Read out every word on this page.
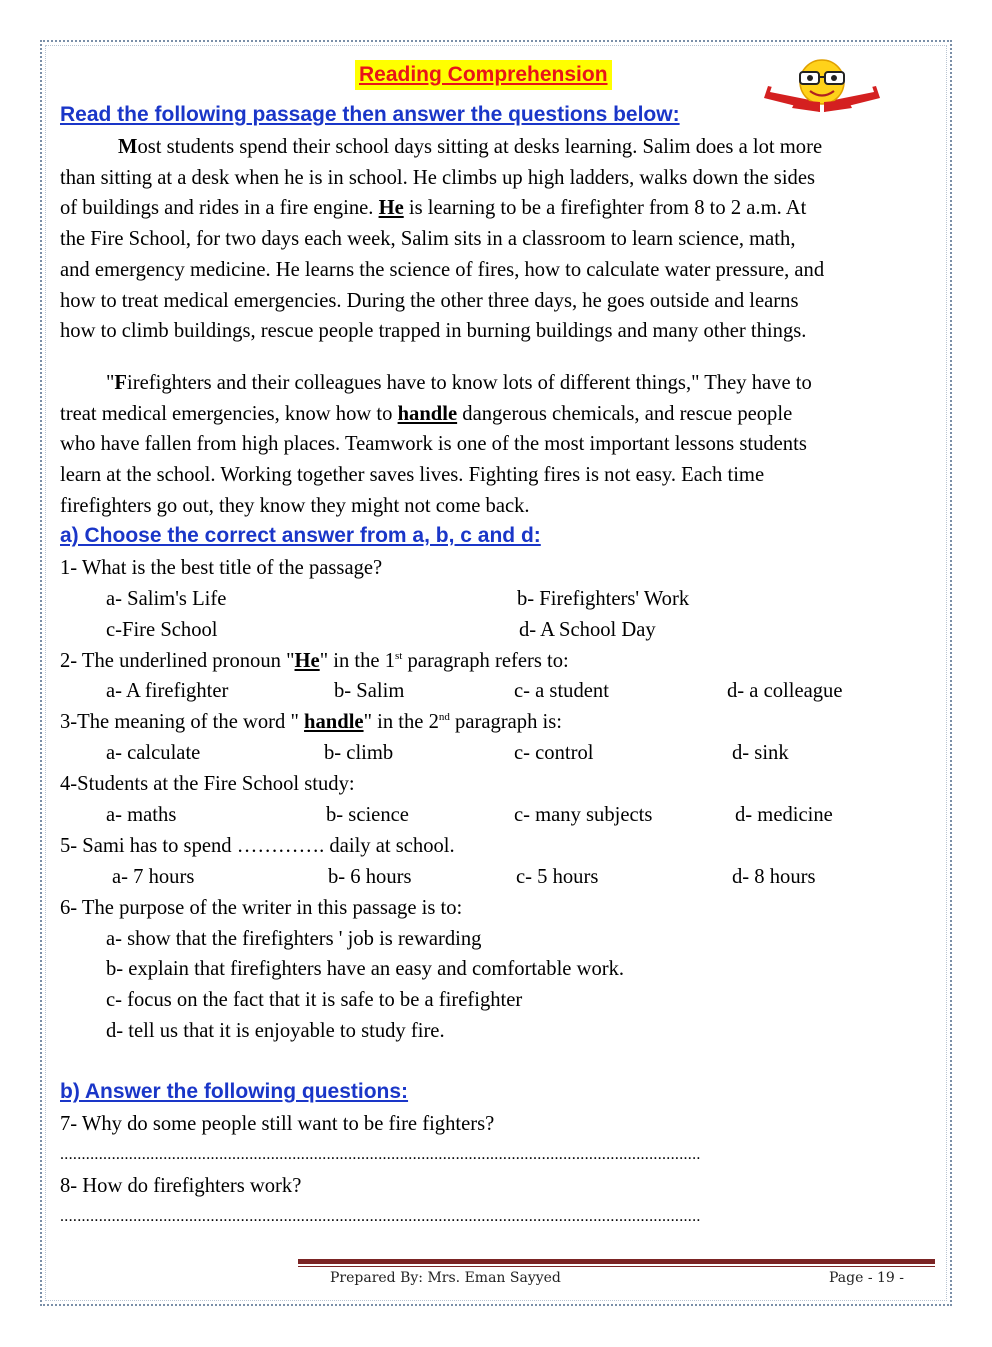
Reading Comprehension
Read the following passage then answer the questions below:
Most students spend their school days sitting at desks learning. Salim does a lot more
than sitting at a desk when he is in school. He climbs up high ladders, walks down the sides
of buildings and rides in a fire engine. He is learning to be a firefighter from 8 to 2 a.m. At
the Fire School, for two days each week, Salim sits in a classroom to learn science, math,
and emergency medicine. He learns the science of fires, how to calculate water pressure, and
how to treat medical emergencies. During the other three days, he goes outside and learns
how to climb buildings, rescue people trapped in burning buildings and many other things.
"Firefighters and their colleagues have to know lots of different things," They have to
treat medical emergencies, know how to handle dangerous chemicals, and rescue people
who have fallen from high places. Teamwork is one of the most important lessons students
learn at the school. Working together saves lives. Fighting fires is not easy. Each time
firefighters go out, they know they might not come back.
a) Choose the correct answer from a, b, c and d:
1- What is the best title of the passage?
a- Salim's Life	b- Firefighters' Work
c-Fire School	d- A School Day
2- The underlined pronoun "He" in the 1st paragraph refers to:
a- A firefighter	b- Salim	c- a student	d- a colleague
3-The meaning of the word " handle" in the 2nd paragraph is:
a- calculate	b- climb	c- control	d- sink
4-Students at the Fire School study:
a- maths	b- science	c- many subjects	d- medicine
5- Sami has to spend …………. daily at school.
a- 7 hours	b- 6 hours	c- 5 hours	d- 8 hours
6- The purpose of the writer in this passage is to:
a- show that the firefighters ' job is rewarding
b- explain that firefighters have an easy and comfortable work.
c- focus on the fact that it is safe to be a firefighter
d- tell us that it is enjoyable to study fire.
b) Answer the following questions:
7- Why do some people still want to be fire fighters?
.....................................................................................................................................................
8- How do firefighters work?
.....................................................................................................................................................
Prepared By: Mrs. Eman Sayyed	Page - 19 -
